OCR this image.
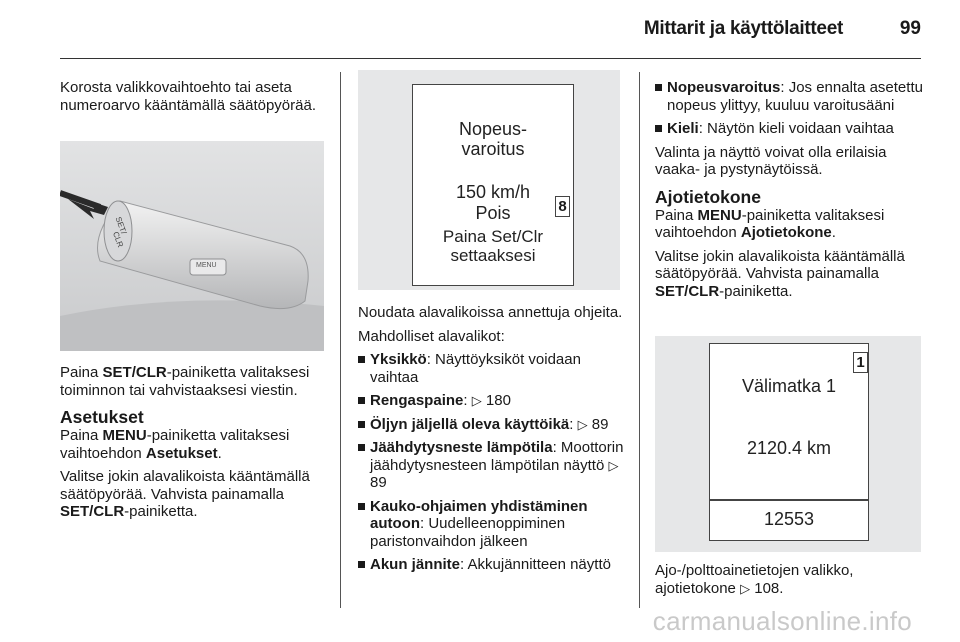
Mittarit ja käyttölaitteet	99

Korosta valikkovaihtoehto tai aseta numeroarvo kääntämällä säätöpyörää.

SET/
CLR
MENU

Paina SET/CLR-painiketta valitaksesi toiminnon tai vahvistaaksesi viestin.

Asetukset

Paina MENU-painiketta valitaksesi vaihtoehdon Asetukset.

Valitse jokin alavalikoista kääntämällä säätöpyörää. Vahvista painamalla SET/CLR-painiketta.

Nopeus-
varoitus
150 km/h
Pois
Paina Set/Clr
settaaksesi
8

Noudata alavalikoissa annettuja ohjeita.

Mahdolliset alavalikot:

Yksikkö: Näyttöyksiköt voidaan vaihtaa
Rengaspaine: ▷ 180
Öljyn jäljellä oleva käyttöikä: ▷ 89
Jäähdytysneste lämpötila: Moottorin jäähdytysnesteen lämpötilan näyttö ▷ 89
Kauko-ohjaimen yhdistäminen autoon: Uudelleenoppiminen paristonvaihdon jälkeen
Akun jännite: Akkujännitteen näyttö
Nopeusvaroitus: Jos ennalta asetettu nopeus ylittyy, kuuluu varoitusääni
Kieli: Näytön kieli voidaan vaihtaa

Valinta ja näyttö voivat olla erilaisia vaaka- ja pystynäytöissä.

Ajotietokone

Paina MENU-painiketta valitaksesi vaihtoehdon Ajotietokone.

Valitse jokin alavalikoista kääntämällä säätöpyörää. Vahvista painamalla SET/CLR-painiketta.

Välimatka 1
2120.4 km
12553
1

Ajo-/polttoainetietojen valikko, ajotietokone ▷ 108.

carmanualsonline.info
